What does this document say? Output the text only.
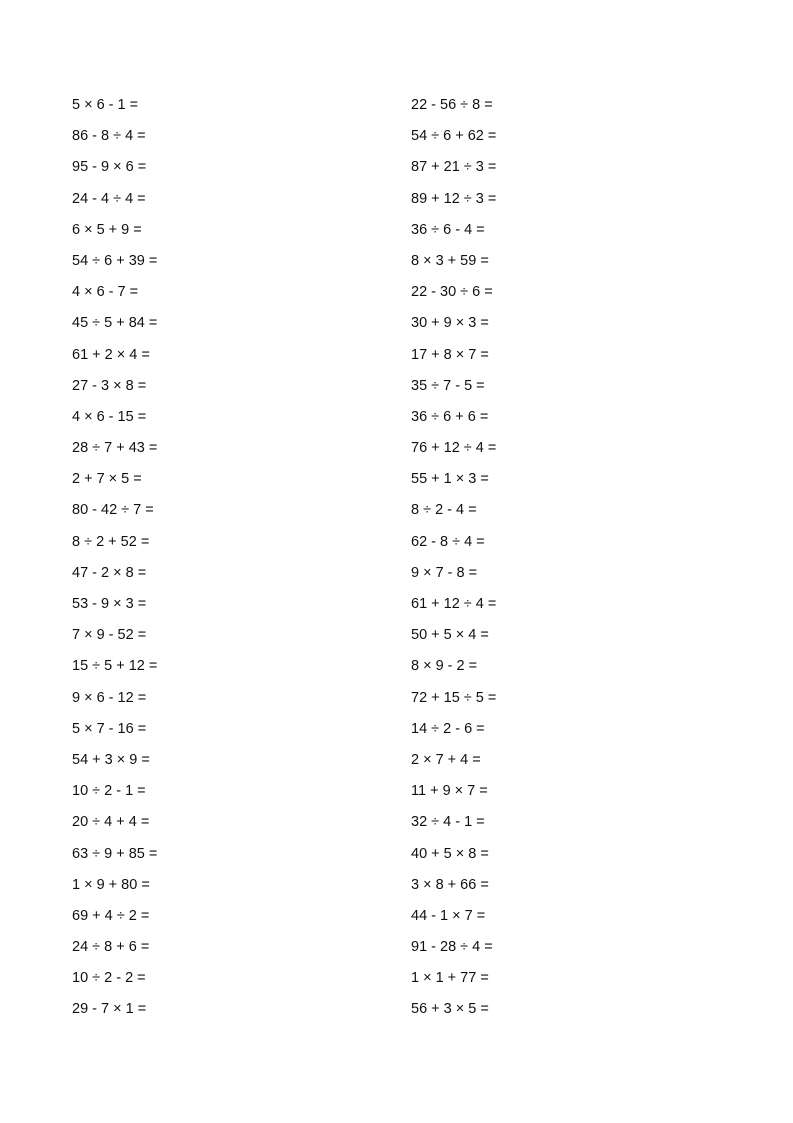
5 × 6 - 1 =
86 - 8 ÷ 4 =
95 - 9 × 6 =
24 - 4 ÷ 4 =
6 × 5 + 9 =
54 ÷ 6 + 39 =
4 × 6 - 7 =
45 ÷ 5 + 84 =
61 + 2 × 4 =
27 - 3 × 8 =
4 × 6 - 15 =
28 ÷ 7 + 43 =
2 + 7 × 5 =
80 - 42 ÷ 7 =
8 ÷ 2 + 52 =
47 - 2 × 8 =
53 - 9 × 3 =
7 × 9 - 52 =
15 ÷ 5 + 12 =
9 × 6 - 12 =
5 × 7 - 16 =
54 + 3 × 9 =
10 ÷ 2 - 1 =
20 ÷ 4 + 4 =
63 ÷ 9 + 85 =
1 × 9 + 80 =
69 + 4 ÷ 2 =
24 ÷ 8 + 6 =
10 ÷ 2 - 2 =
29 - 7 × 1 =
22 - 56 ÷ 8 =
54 ÷ 6 + 62 =
87 + 21 ÷ 3 =
89 + 12 ÷ 3 =
36 ÷ 6 - 4 =
8 × 3 + 59 =
22 - 30 ÷ 6 =
30 + 9 × 3 =
17 + 8 × 7 =
35 ÷ 7 - 5 =
36 ÷ 6 + 6 =
76 + 12 ÷ 4 =
55 + 1 × 3 =
8 ÷ 2 - 4 =
62 - 8 ÷ 4 =
9 × 7 - 8 =
61 + 12 ÷ 4 =
50 + 5 × 4 =
8 × 9 - 2 =
72 + 15 ÷ 5 =
14 ÷ 2 - 6 =
2 × 7 + 4 =
11 + 9 × 7 =
32 ÷ 4 - 1 =
40 + 5 × 8 =
3 × 8 + 66 =
44 - 1 × 7 =
91 - 28 ÷ 4 =
1 × 1 + 77 =
56 + 3 × 5 =
